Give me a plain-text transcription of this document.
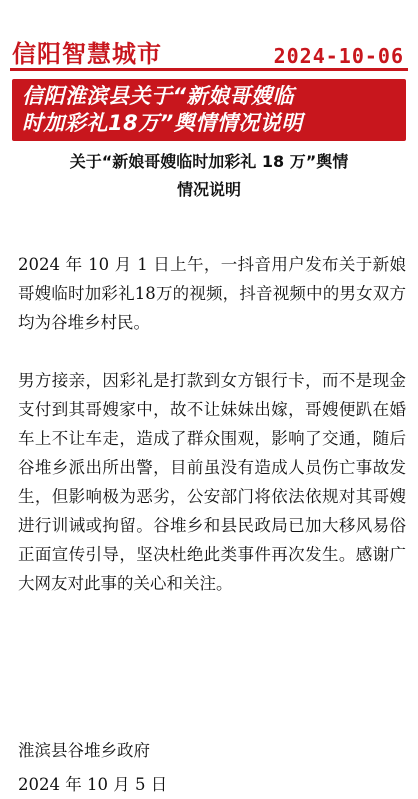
信阳智慧城市	2024-10-06
信阳淮滨县关于“新娘哥嫂临
时加彩礼18万”舆情情况说明
关于“新娘哥嫂临时加彩礼 18 万”舆情
情况说明

2024 年 10 月 1 日上午，一抖音用户发布关于新娘哥嫂临时加彩礼18万的视频，抖音视频中的男女双方均为谷堆乡村民。

男方接亲，因彩礼是打款到女方银行卡，而不是现金支付到其哥嫂家中，故不让妹妹出嫁，哥嫂便趴在婚车上不让车走，造成了群众围观，影响了交通，随后谷堆乡派出所出警，目前虽没有造成人员伤亡事故发生，但影响极为恶劣，公安部门将依法依规对其哥嫂进行训诫或拘留。谷堆乡和县民政局已加大移风易俗正面宣传引导，坚决杜绝此类事件再次发生。感谢广大网友对此事的关心和关注。

淮滨县谷堆乡政府
2024 年 10 月 5 日
